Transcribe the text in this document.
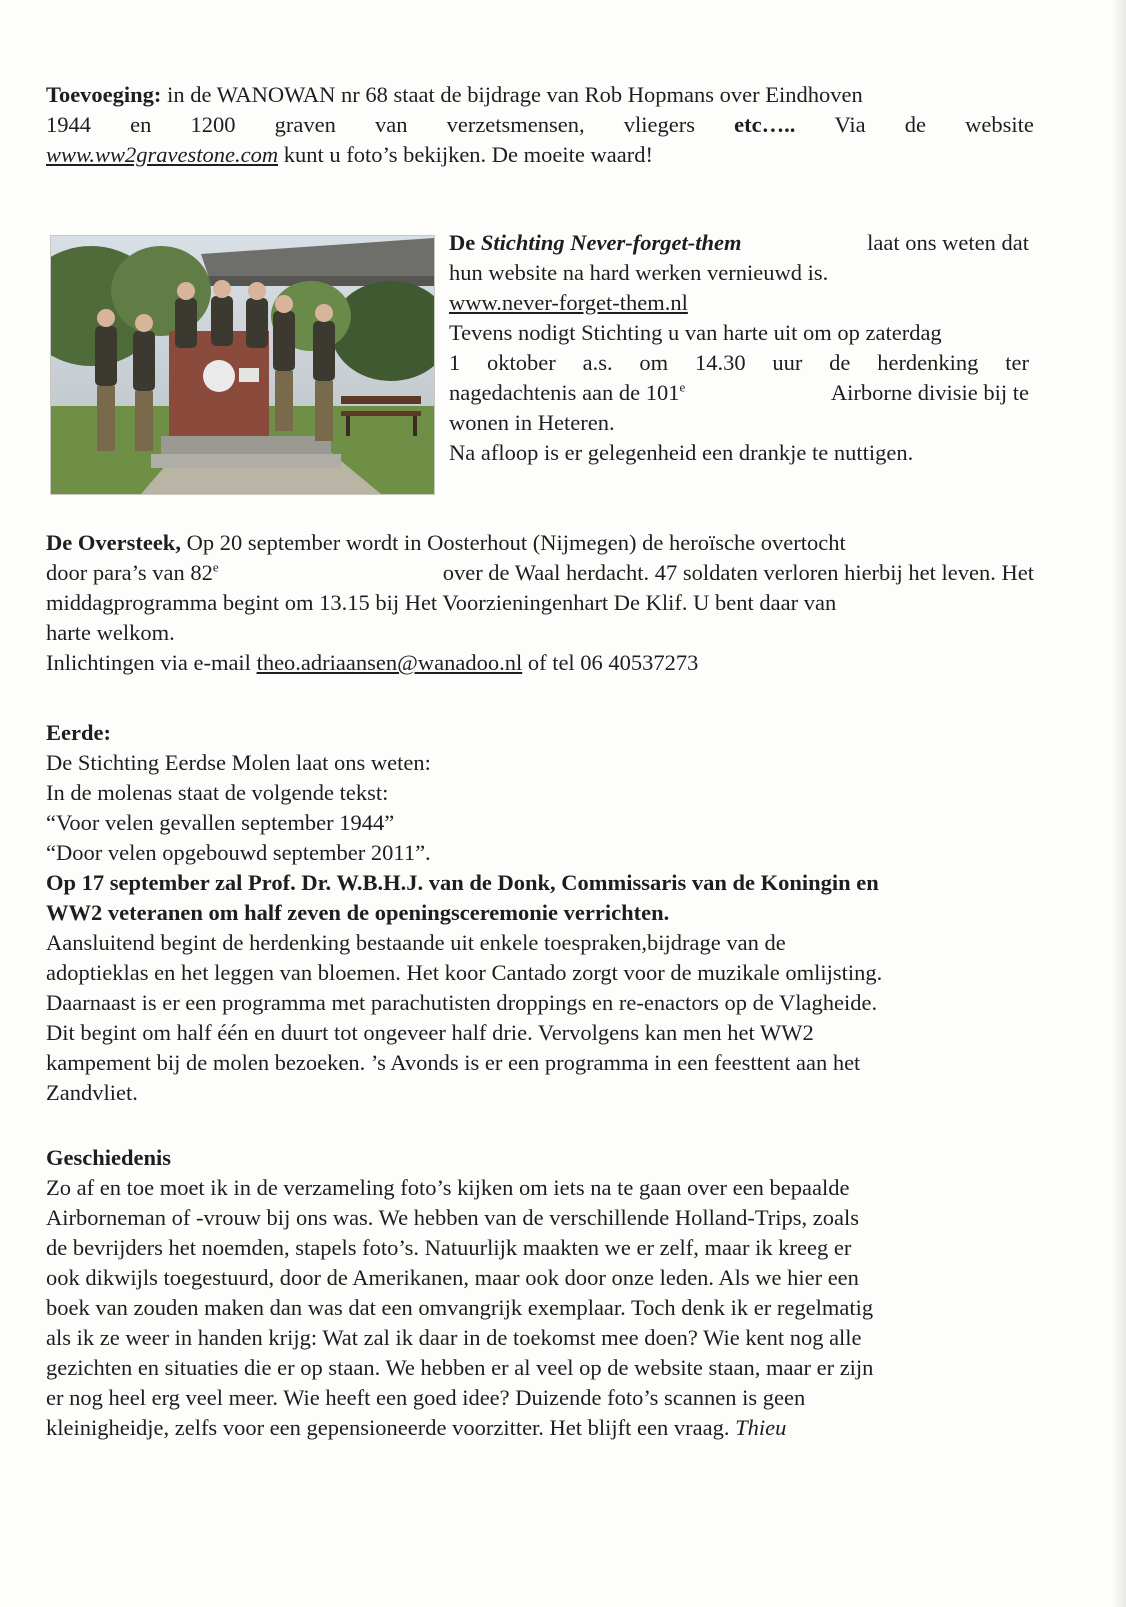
Toevoeging: in de WANOWAN nr 68 staat de bijdrage van Rob Hopmans over Eindhoven
1944 en 1200 graven van verzetsmensen, vliegers etc….. Via de website
www.ww2gravestone.com kunt u foto’s bekijken. De moeite waard!
De Stichting Never-forget-them	laat ons weten dat
hun website na hard werken vernieuwd is.
www.never-forget-them.nl
Tevens nodigt Stichting u van harte uit om op zaterdag
1 oktober a.s. om 14.30 uur de herdenking ter
nagedachtenis aan de 101e	Airborne divisie bij te
wonen in Heteren.
Na afloop is er gelegenheid een drankje te nuttigen.
De Oversteek, Op 20 september wordt in Oosterhout (Nijmegen) de heroïsche overtocht
door para’s van 82e	over de Waal herdacht. 47 soldaten verloren hierbij het leven. Het
middagprogramma begint om 13.15 bij Het Voorzieningenhart De Klif. U bent daar van
harte welkom.
Inlichtingen via e-mail theo.adriaansen@wanadoo.nl of tel 06 40537273
Eerde:
De Stichting Eerdse Molen laat ons weten:
In de molenas staat de volgende tekst:
“Voor velen gevallen september 1944”
“Door velen opgebouwd september 2011”.
Op 17 september zal Prof. Dr. W.B.H.J. van de Donk, Commissaris van de Koningin en
WW2 veteranen om half zeven de openingsceremonie verrichten.
Aansluitend begint de herdenking bestaande uit enkele toespraken,bijdrage van de
adoptieklas en het leggen van bloemen. Het koor Cantado zorgt voor de muzikale omlijsting.
Daarnaast is er een programma met parachutisten droppings en re-enactors op de Vlagheide.
Dit begint om half één en duurt tot ongeveer half drie. Vervolgens kan men het WW2
kampement bij de molen bezoeken. ’s Avonds is er een programma in een feesttent aan het
Zandvliet.
Geschiedenis
Zo af en toe moet ik in de verzameling foto’s kijken om iets na te gaan over een bepaalde
Airborneman of -vrouw bij ons was. We hebben van de verschillende Holland-Trips, zoals
de bevrijders het noemden, stapels foto’s. Natuurlijk maakten we er zelf, maar ik kreeg er
ook dikwijls toegestuurd, door de Amerikanen, maar ook door onze leden. Als we hier een
boek van zouden maken dan was dat een omvangrijk exemplaar. Toch denk ik er regelmatig
als ik ze weer in handen krijg: Wat zal ik daar in de toekomst mee doen? Wie kent nog alle
gezichten en situaties die er op staan. We hebben er al veel op de website staan, maar er zijn
er nog heel erg veel meer. Wie heeft een goed idee? Duizende foto’s scannen is geen
kleinigheidje, zelfs voor een gepensioneerde voorzitter. Het blijft een vraag. Thieu
